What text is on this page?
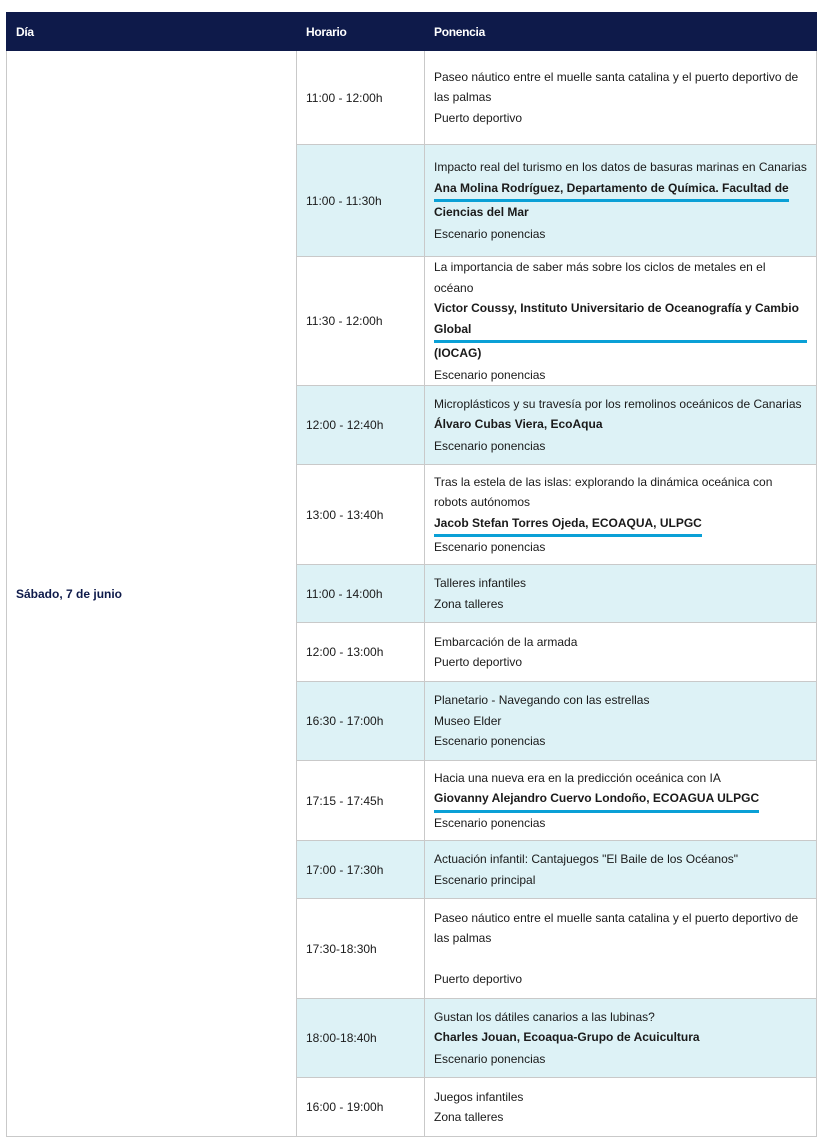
Día	Horario	Ponencia
Sábado, 7 de junio	11:00 - 12:00h	Paseo náutico entre el muelle santa catalina y el puerto deportivo de las palmas
Puerto deportivo

	11:00 - 11:30h	Impacto real del turismo en los datos de basuras marinas en Canarias
Ana Molina Rodríguez, Departamento de Química. Facultad de
Ciencias del Mar
Escenario ponencias

	11:30 - 12:00h	La importancia de saber más sobre los ciclos de metales en el océano
Victor Coussy, Instituto Universitario de Oceanografía y Cambio Global
(IOCAG)
Escenario ponencias

	12:00 - 12:40h	Microplásticos y su travesía por los remolinos oceánicos de Canarias
Álvaro Cubas Viera, EcoAqua
Escenario ponencias

	13:00 - 13:40h	Tras la estela de las islas: explorando la dinámica oceánica con robots autónomos
Jacob Stefan Torres Ojeda, ECOAQUA, ULPGC
Escenario ponencias

	11:00 - 14:00h	Talleres infantiles
Zona talleres

	12:00 - 13:00h	Embarcación de la armada
Puerto deportivo

	16:30 - 17:00h	Planetario - Navegando con las estrellas
Museo Elder
Escenario ponencias

	17:15 - 17:45h	Hacia una nueva era en la predicción oceánica con IA
Giovanny Alejandro Cuervo Londoño, ECOAGUA ULPGC
Escenario ponencias

	17:00 - 17:30h	Actuación infantil: Cantajuegos "El Baile de los Océanos"
Escenario principal

	17:30-18:30h	Paseo náutico entre el muelle santa catalina y el puerto deportivo de las palmas
Puerto deportivo

	18:00-18:40h	Gustan los dátiles canarios a las lubinas?
Charles Jouan, Ecoaqua-Grupo de Acuicultura
Escenario ponencias

	16:00 - 19:00h	Juegos infantiles
Zona talleres
